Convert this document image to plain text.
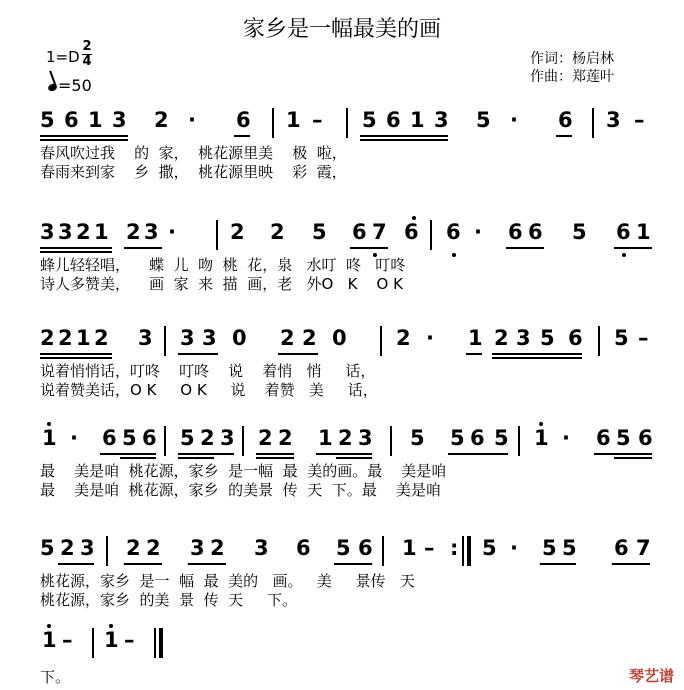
家乡是一幅最美的画
1=D
2
4
=50
作词：杨启林
作曲：郑莲叶
5 6 1 3 2 · 6 1 – 5 6 1 3 5 · 6 3 –
春风吹过我    的  家，  桃花源里美    极  啦，
春雨来到家    乡  撒，  桃花源里映    彩  霞，
3 3 2 1 2 3 ·	2 2 5 6 7 6 6 · 6 6 5 6 1
蜂儿轻轻唱，    蝶  儿  吻  桃  花，泉   水叮  咚   叮咚
诗人多赞美，    画  家  来  描  画，老   外O   K    O K
2 2 1 2 3 3 3 0 2 2 0 2 · 1 2 3 5 6 5 –
说着悄悄话，叮咚    叮咚    说    着悄   悄     话，
说着赞美话，O K     O K     说    着赞   美     话，
1 · 6 5 6 5 2 3 2 2 1 2 3 5 5 6 5 1 · 6 5 6
最    美是咱  桃花源，家乡  是一幅  最  美的画。最    美是咱
最    美是咱  桃花源，家乡  的美景  传  天  下。最    美是咱
5 2 3 2 2 3 2 3 6 5 6 1 – 5 · 5 5 6 7
:
桃花源，家乡  是一  幅  最  美的   画。   美     景传   天
桃花源，家乡  的美  景  传  天     下。
1 – 1 –
下。	琴艺谱
